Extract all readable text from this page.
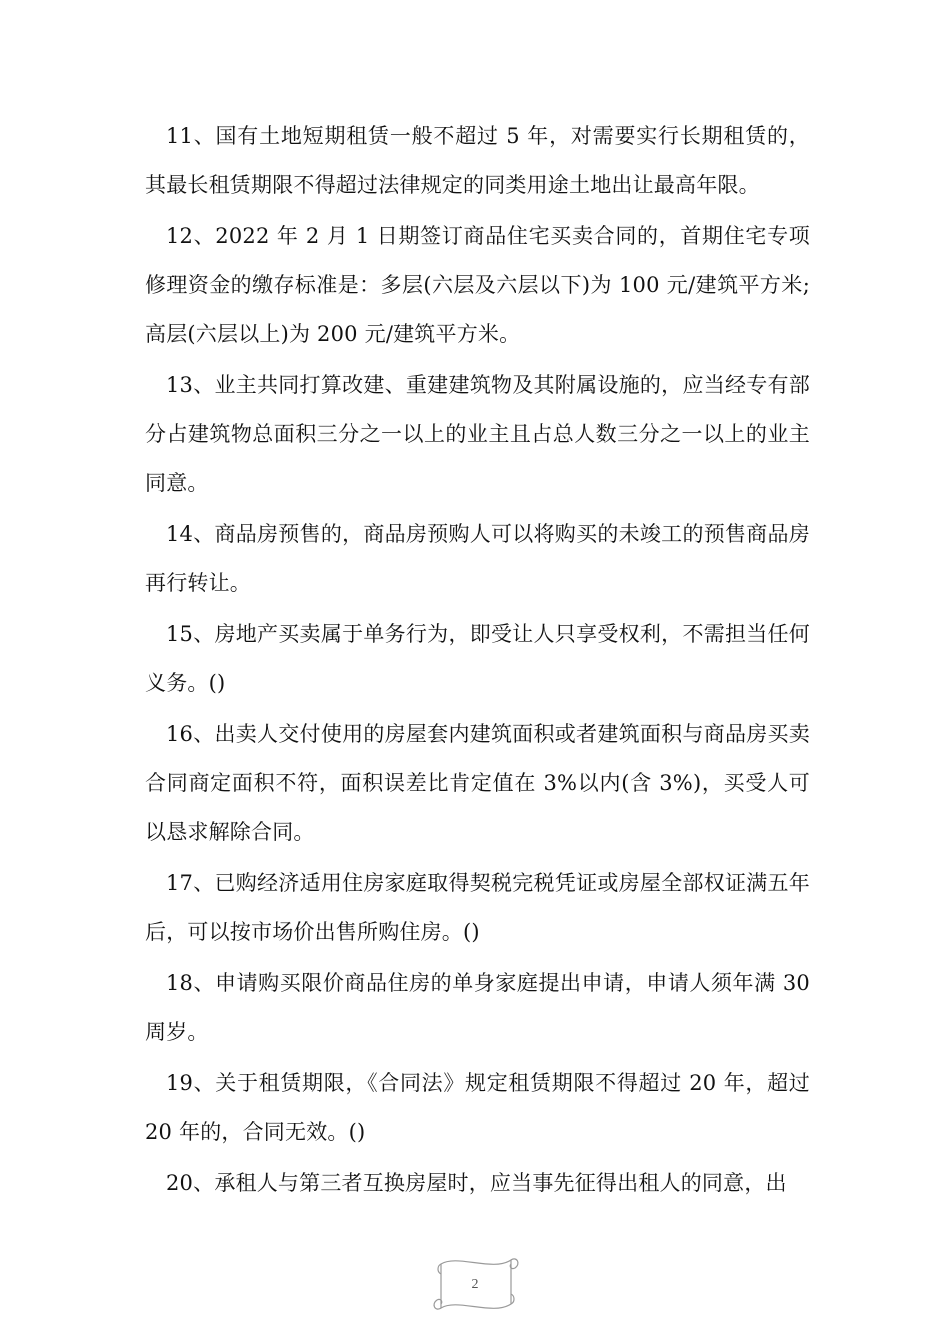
11、国有土地短期租赁一般不超过 5 年，对需要实行长期租赁的，其最长租赁期限不得超过法律规定的同类用途土地出让最高年限。

12、2022 年 2 月 1 日期签订商品住宅买卖合同的，首期住宅专项修理资金的缴存标准是：多层(六层及六层以下)为 100 元/建筑平方米;高层(六层以上)为 200 元/建筑平方米。

13、业主共同打算改建、重建建筑物及其附属设施的，应当经专有部分占建筑物总面积三分之一以上的业主且占总人数三分之一以上的业主同意。

14、商品房预售的，商品房预购人可以将购买的未竣工的预售商品房再行转让。

15、房地产买卖属于单务行为，即受让人只享受权利，不需担当任何义务。()

16、出卖人交付使用的房屋套内建筑面积或者建筑面积与商品房买卖合同商定面积不符，面积误差比肯定值在 3%以内(含 3%)，买受人可以恳求解除合同。

17、已购经济适用住房家庭取得契税完税凭证或房屋全部权证满五年后，可以按市场价出售所购住房。()

18、申请购买限价商品住房的单身家庭提出申请，申请人须年满 30 周岁。

19、关于租赁期限，《合同法》规定租赁期限不得超过 20 年，超过 20 年的，合同无效。()

20、承租人与第三者互换房屋时，应当事先征得出租人的同意，出

2
